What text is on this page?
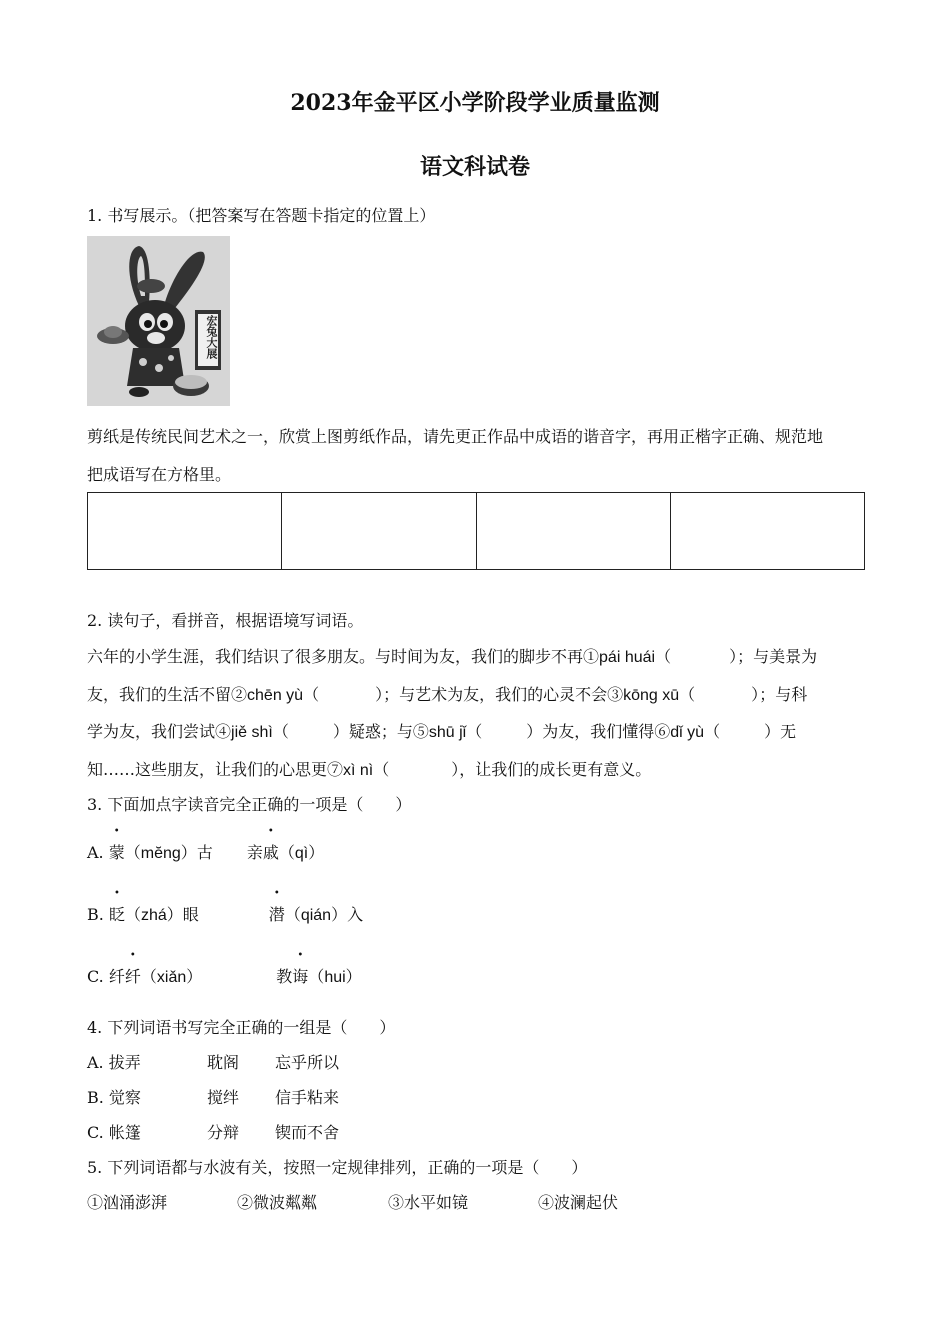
2023年金平区小学阶段学业质量监测
语文科试卷
1. 书写展示。（把答案写在答题卡指定的位置上）
宏兔大展
剪纸是传统民间艺术之一，欣赏上图剪纸作品，请先更正作品中成语的谐音字，再用正楷字正确、规范地
把成语写在方格里。
2. 读句子，看拼音，根据语境写词语。
六年的小学生涯，我们结识了很多朋友。与时间为友，我们的脚步不再①pái huái（	）；与美景为
友，我们的生活不留②chēn yù（	）；与艺术为友，我们的心灵不会③kōng xū（	）；与科
学为友，我们尝试④jiě shì（	）疑惑；与⑤shū jǐ（	）为友，我们懂得⑥dǐ yù（	）无
知……这些朋友，让我们的心思更⑦xì nì（	），让我们的成长更有意义。
3. 下面加点字读音完全正确的一项是（　　）
A. 蒙（mĕng）古 亲戚（qì）
B. 眨（zhá）眼	潜（qián）入
C. 纤纤（xiǎn）	教诲（hui）
4. 下列词语书写完全正确的一组是（　　）
A. 拔弄	耽阁 忘乎所以
B. 觉察	搅绊 信手粘来
C. 帐篷	分辩 锲而不舍
5. 下列词语都与水波有关，按照一定规律排列，正确的一项是（　　）
①汹涌澎湃	②微波粼粼	③水平如镜	④波澜起伏
